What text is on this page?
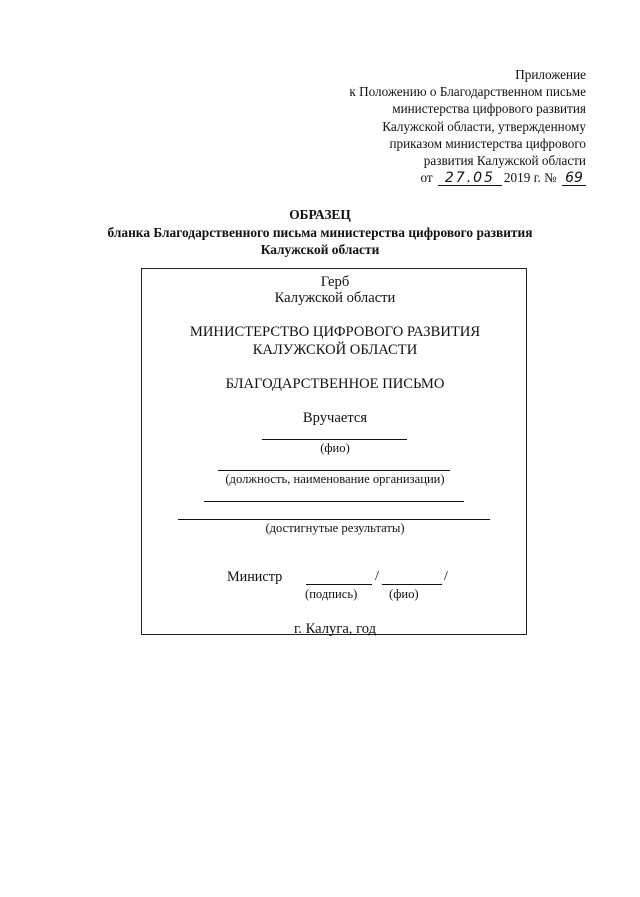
Приложение
к Положению о Благодарственном письме
министерства цифрового развития
Калужской области, утвержденному
приказом министерства цифрового
развития Калужской области
от 27.05 2019 г. № 69
ОБРАЗЕЦ
бланка Благодарственного письма министерства цифрового развития
Калужской области
Герб
Калужской области
МИНИСТЕРСТВО ЦИФРОВОГО РАЗВИТИЯ
КАЛУЖСКОЙ ОБЛАСТИ
БЛАГОДАРСТВЕННОЕ ПИСЬМО
Вручается
(фио)
(должность, наименование организации)
(достигнутые результаты)
Министр	/	/
(подпись)	(фио)
г. Калуга, год
